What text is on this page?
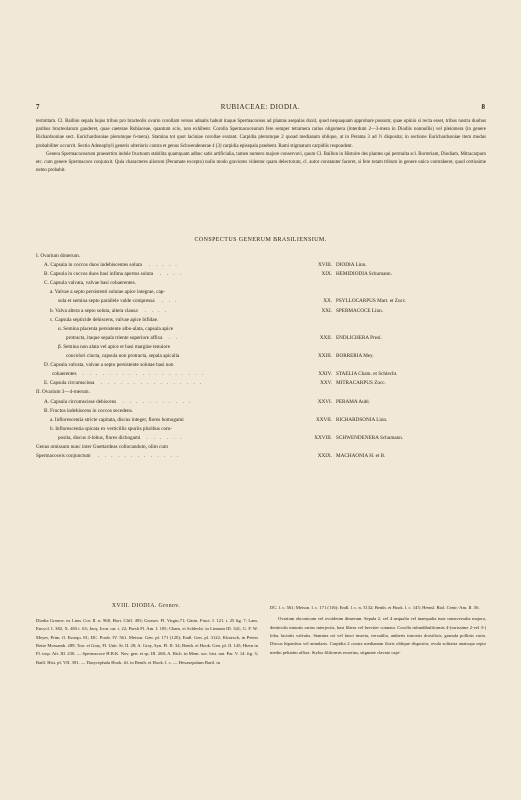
7	RUBIACEAE: DIODIA.	8

termittam. Cl. Baillon sepala hujus tribus pro bracteolis ovario corollam versus adnatis habuit itaque Spermacoceas ad plantas asepalas duxit, quod nequaquam approbare possum; quae opinio si recta esset, tribus nostra duobus paribus bracteolarum gauderet, quae caeterae Rubiaceae, quantum scio, non exhibent. Corolla Spermacocearum fere semper tetramera rarius oligomera (interdum 2—3-mera in Diodiis nonnullis) vel pleiomera (in genere Richardsoniae sect. Eurichardsoniae plerumque 6-mera). Stamina tot quot laciniae corollae exstant. Carpidia plerumque 2 quoad medianam oblique, at in Perama 3 ad ½ disposita; in sectione Eurichardsoniae item modus probabiliter occurrit. Sectio Adenophyli generis ulterioris contra et genus Schwendenerae 4 (3) carpidia episepala praebent. Rami stigmatum carpidiis respondent.

Genera Spermacocearum praesertim indole fructuum stabilita quamquam adhuc satis artificialia, tamen numero majore conservavi, quum Cl. Baillon in Histoire des plantes qui permulta scl. Borreriam, Diodiam, Mitracarpum etc. cum genere Spermacoce conjunxit. Quia characteres aliorum (Peramate excepto) nullo modo graviores videntur quam delectorum, cl. autor constanter faceret, si fere totam tribum in genere unico contraheret, quod certissime nemo probabit.

CONSPECTUS GENERUM BRASILIENSIUM.
I. Ovarium dimerum.
A. Capsula in coccos duos indehiscentes soluta . . . . .	XVIII. DIODIA Linn.
B. Capsula in coccos duos basi infima apertos soluta . . . .	XIX. HEMIDIODIA Schumann.
C. Capsula valvata, valvae basi cohaerentes.
a. Valvae a septo persistenti solutae apice integrae, cap-
sula et semina septo parallele valde compressa . . .	XX. PSYLLOCARPUS Mart. et Zucc.
b. Valva altera a septo soluta, altera clausa . . . .	XXI. SPERMACOCE Linn.
c. Capsula septicide dehiscens, valvae apice bifidae.
α. Semina placenta persistente albo-alata, capsula apice
protracta, itaque sepala triente superiore affixa . .	XXII. ENDLICHERA Presl.
β. Semina non alata vel apice et basi margine tenuiore
concolori cincta, capsula non protracta, sepala apicalia	XXIII. BORRERIA Mey.
D. Capsula valvata, valvae a septo persistente solutae basi non
cohaerentes . . . . . . . . . . . . . . . . . . .	XXIV. STAELIA Cham. et Schlecht.
E. Capsula circumscissa . . . . . . . . . . . . . . . .	XXV. MITRACARPUS Zucc.
II. Ovarium 3—4-merum.
A. Capsula circumscisse dehiscens . . . . . . . . . . .	XXVI. PERAMA Aubl.
B. Fructus indehiscens in coccos secedens.
a. Inflorescentia stricte capitata, discus integer, flores homogami	XXVII. RICHARDSONIA Linn.
b. Inflorescentia spicata ex verticillis spuriis pluribus com-
posita, discus 4-lobus, flores dichogami . . . . . .	XXVIII. SCHWENDENERA Schumann.
Genus omissum nunc inter Guettardeas collocandum, olim cum
Spermacoceis conjunctum . . . . . . . . . . . . .	XXIX. MACHAONIA H. et B.
XVIII. DIODIA. Gronov.

Diodia Gronov. ex Linn. Cor. II. n. 968, Hort. Cliff. 493; Gronov. Fl. Virgin.71; Gärtn. Fruct. I. 121. t. 25 fig. 7; Lam. Encycl. I. 382, X. 483 t. 63; Jacq. Icon. rar. t. 22; Pursh Fl. Am. I. 105; Cham. et Schlecht. in Linnaea III. 341; G. F. W. Meyer, Prim. fl. Essequ. 81; DC. Prodr. IV. 561. Meissn. Gen. pl. 171 (120); Endl. Gen. pl. 3122; Klotzsch, in Peters Reise Mossamb. 289; Torr. et Gray, Fl. Unit. St. II. 28; A. Gray, Syn. Fl. II. 34; Benth. et Hook. Gen. pl. II. 145; Hiern in Fl. trop. Afr. III. 230. — Spermacoce H.B.K. Nov. gen. et sp. III. 268; A. Rich. in Mem. soc. hist. nat. Par. V. 14. fig. 3; Baill. Hist. pl. VII. 391. — Dasycephala Hook. fil. in Benth. et Hook. l. c. — Hexasepalum Bartl. in

DC. l. c. 561; Meissn. l. c. 171 (116); Endl. l. c. n. 3132; Benth. et Hook. l. c. 145; Hemsl. Biol. Centr.-Am. II. 56.

Ovarium obconicum vel ovoideum dimerum. Sepala 2, vel 4 aequalia vel inaequalia tunc transversalia majora, denticulis minutis rarius interjectis, basi libera vel breviter connata. Corolla infundibuliformis 4-(rarissime 2-vel 3-) loba, laciniis valvatis. Stamina ori vel fauci inserta, versatilia, antheris introrsis dorsifixis, granula pollinis varia. Discus bipartitus vel annularis. Carpidia 2 contra medianam floris oblique disposita; ovula solitaria anatropa septo medio peltatim affixa. Stylus filiformis exsertus, stigmate clavato capi-
